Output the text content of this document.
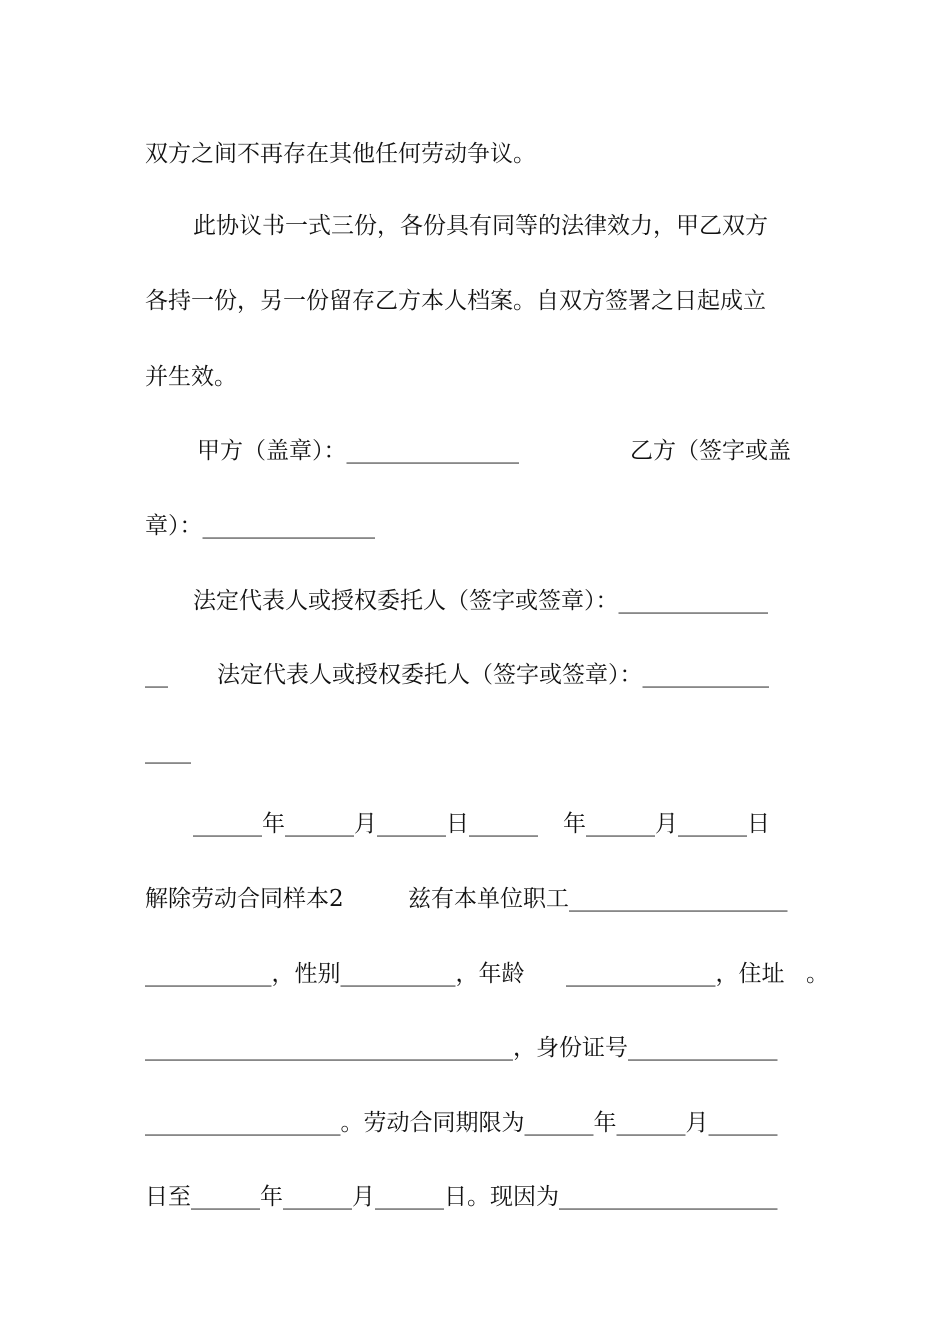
双方之间不再存在其他任何劳动争议。
此协议书一式三份，各份具有同等的法律效力，甲乙双方
各持一份，另一份留存乙方本人档案。自双方签署之日起成立
并生效。
甲方（盖章）：_______________	乙方（签字或盖
章）：_______________
法定代表人或授权委托人（签字或签章）：_____________
__ 法定代表人或授权委托人（签字或签章）：___________
____
______年______月______日______ 年______月______日
解除劳动合同样本2	兹有本单位职工___________________
___________，性别__________，年龄 _____________，住址 。
________________________________，身份证号_____________
_________________。劳动合同期限为______年______月______
日至______年______月______日。现因为___________________
